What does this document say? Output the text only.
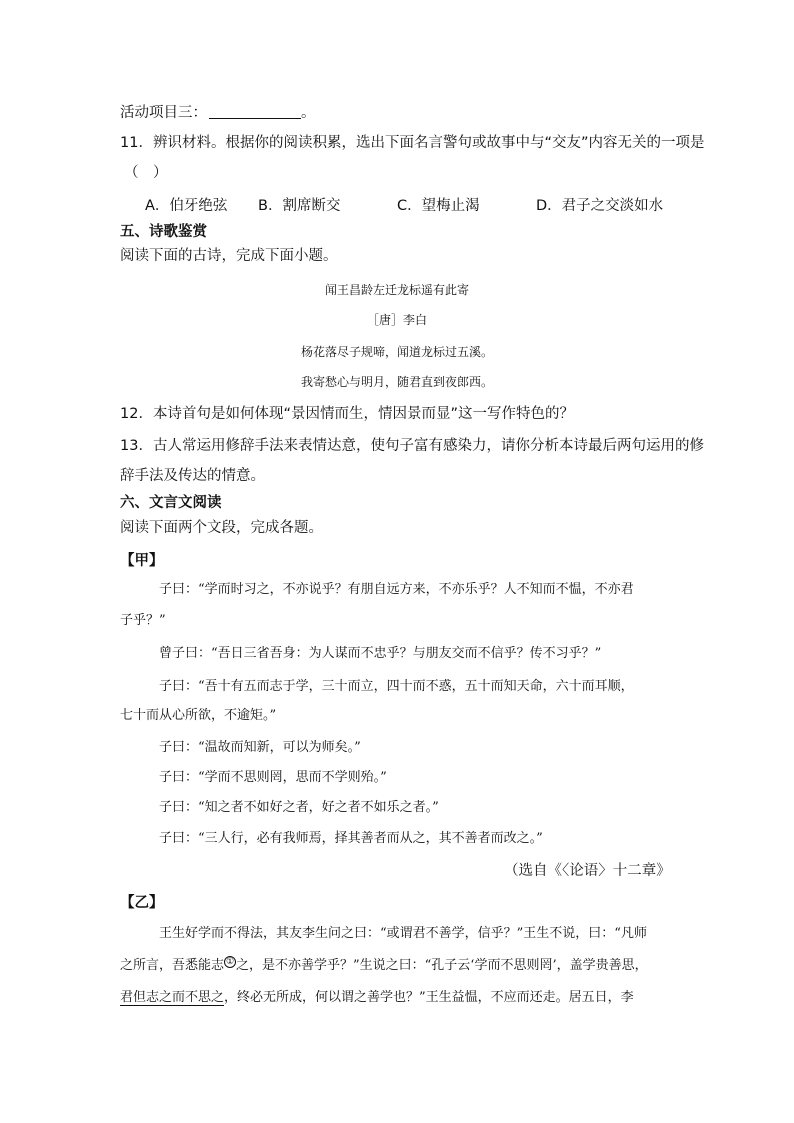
活动项目三：	。
11．辨识材料。根据你的阅读积累，选出下面名言警句或故事中与“交友”内容无关的一项是
（　）
A．伯牙绝弦 B．割席断交	C．望梅止渴	D．君子之交淡如水
五、诗歌鉴赏
阅读下面的古诗，完成下面小题。
闻王昌龄左迁龙标遥有此寄
［唐］李白
杨花落尽子规啼，闻道龙标过五溪。
我寄愁心与明月，随君直到夜郎西。
12．本诗首句是如何体现“景因情而生，情因景而显”这一写作特色的？
13．古人常运用修辞手法来表情达意，使句子富有感染力，请你分析本诗最后两句运用的修
辞手法及传达的情意。
六、文言文阅读
阅读下面两个文段，完成各题。
【甲】
子曰：“学而时习之，不亦说乎？有朋自远方来，不亦乐乎？人不知而不愠，不亦君
子乎？”
曾子曰：“吾日三省吾身：为人谋而不忠乎？与朋友交而不信乎？传不习乎？”
子曰：“吾十有五而志于学，三十而立，四十而不惑，五十而知天命，六十而耳顺，
七十而从心所欲，不逾矩。”
子曰：“温故而知新，可以为师矣。”
子曰：“学而不思则罔，思而不学则殆。”
子曰：“知之者不如好之者，好之者不如乐之者。”
子曰：“三人行，必有我师焉，择其善者而从之，其不善者而改之。”
（选自《〈论语〉十二章》
【乙】
王生好学而不得法，其友李生问之曰：“或谓君不善学，信乎？”王生不说，曰：“凡师
之所言，吾悉能志 ① 之，是不亦善学乎？”生说之曰：“孔子云‘学而不思则罔’，盖学贵善思，
君但志之而不思之，终必无所成，何以谓之善学也？”王生益愠，不应而还走。居五日，李
